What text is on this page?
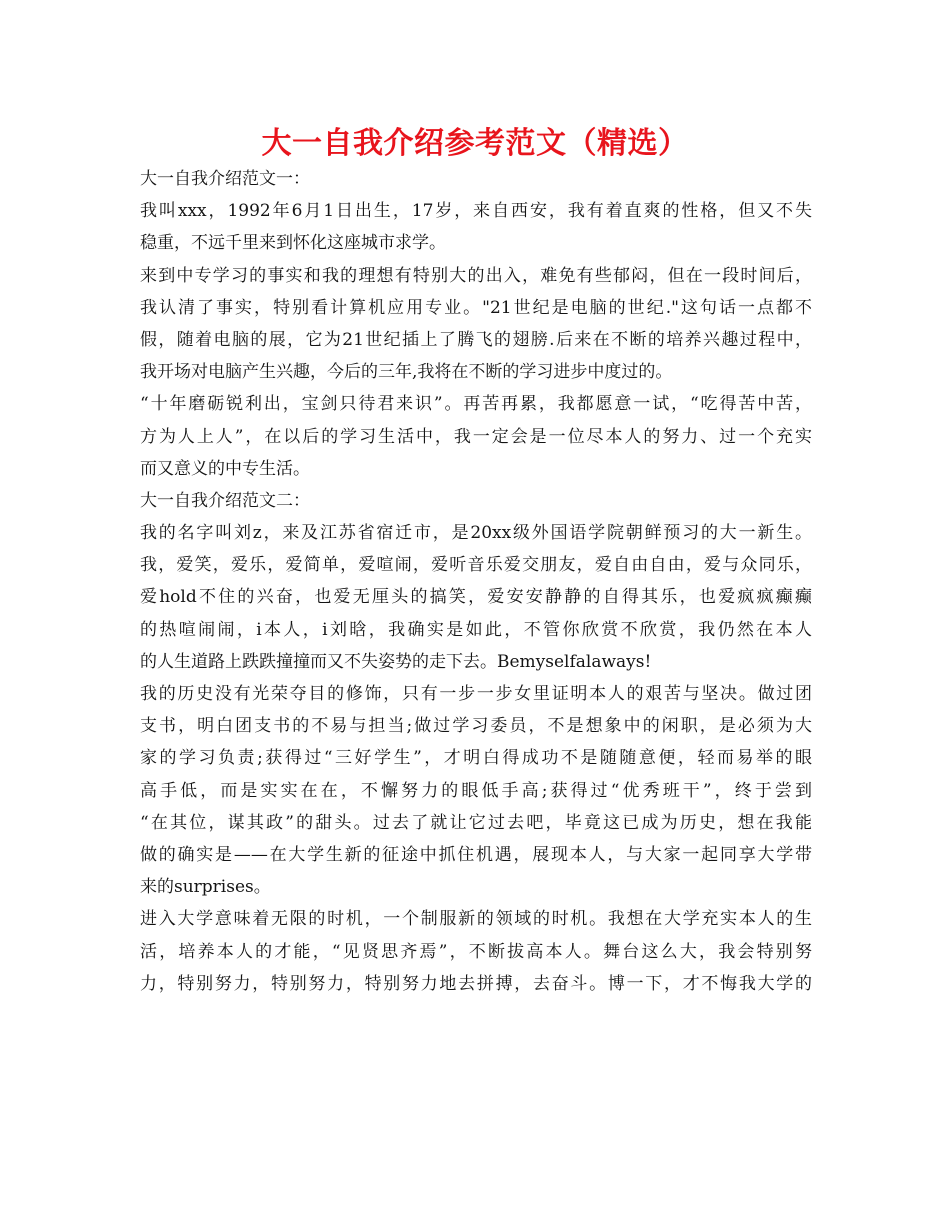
大一自我介绍参考范文（精选）
大一自我介绍范文一：
我叫xxx，1992年6月1日出生，17岁，来自西安，我有着直爽的性格，但又不失
稳重，不远千里来到怀化这座城市求学。
来到中专学习的事实和我的理想有特别大的出入，难免有些郁闷，但在一段时间后，
我认清了事实，特别看计算机应用专业。"21世纪是电脑的世纪."这句话一点都不
假，随着电脑的展，它为21世纪插上了腾飞的翅膀.后来在不断的培养兴趣过程中，
我开场对电脑产生兴趣，今后的三年,我将在不断的学习进步中度过的。
“十年磨砺锐利出，宝剑只待君来识”。再苦再累，我都愿意一试，“吃得苦中苦，
方为人上人”，在以后的学习生活中，我一定会是一位尽本人的努力、过一个充实
而又意义的中专生活。
大一自我介绍范文二：
我的名字叫刘z，来及江苏省宿迁市，是20xx级外国语学院朝鲜预习的大一新生。
我，爱笑，爱乐，爱简单，爱喧闹，爱听音乐爱交朋友，爱自由自由，爱与众同乐，
爱hold不住的兴奋，也爱无厘头的搞笑，爱安安静静的自得其乐，也爱疯疯癫癫
的热喧闹闹，i本人，i刘晗，我确实是如此，不管你欣赏不欣赏，我仍然在本人
的人生道路上跌跌撞撞而又不失姿势的走下去。Bemyselfalaways!
我的历史没有光荣夺目的修饰，只有一步一步女里证明本人的艰苦与坚决。做过团
支书，明白团支书的不易与担当;做过学习委员，不是想象中的闲职，是必须为大
家的学习负责;获得过“三好学生”，才明白得成功不是随随意便，轻而易举的眼
高手低，而是实实在在，不懈努力的眼低手高;获得过“优秀班干”，终于尝到
“在其位，谋其政”的甜头。过去了就让它过去吧，毕竟这已成为历史，想在我能
做的确实是——在大学生新的征途中抓住机遇，展现本人，与大家一起同享大学带
来的surprises。
进入大学意味着无限的时机，一个制服新的领域的时机。我想在大学充实本人的生
活，培养本人的才能，“见贤思齐焉”，不断拔高本人。舞台这么大，我会特别努
力，特别努力，特别努力，特别努力地去拼搏，去奋斗。博一下，才不悔我大学的
